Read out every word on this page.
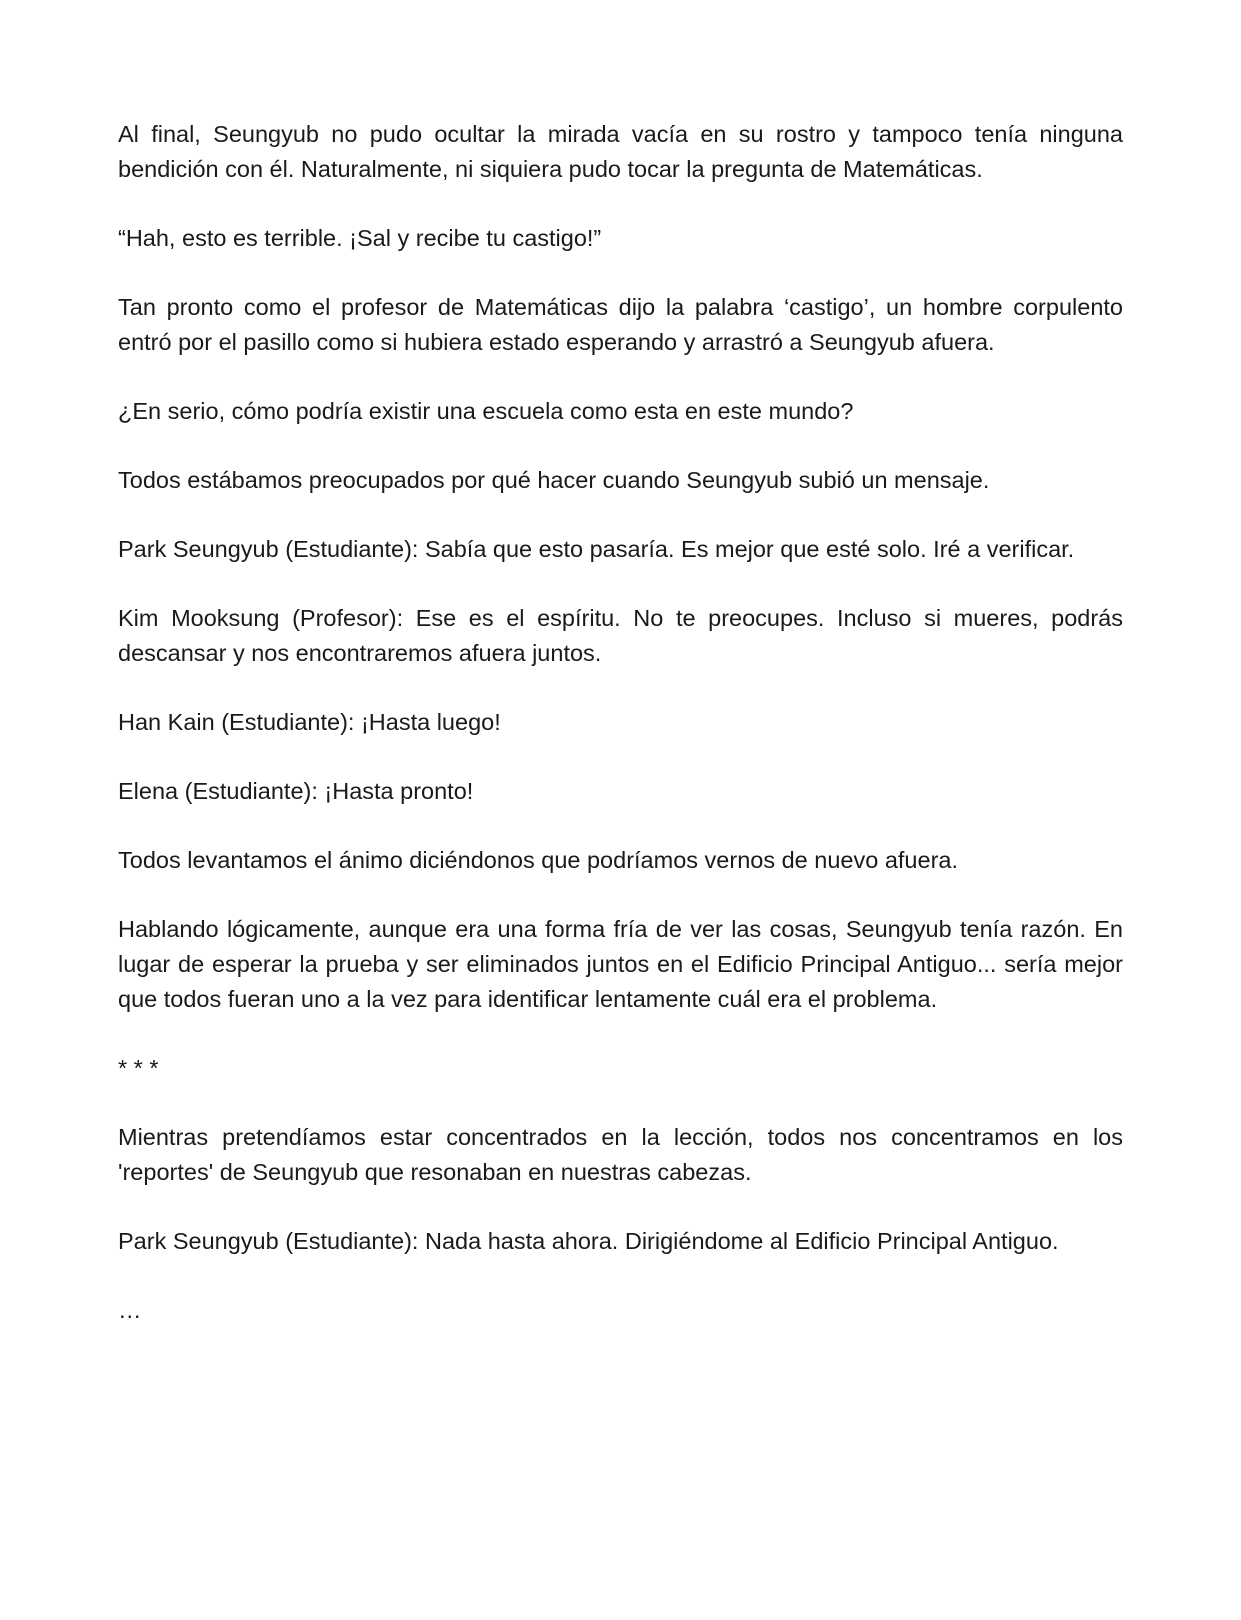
Al final, Seungyub no pudo ocultar la mirada vacía en su rostro y tampoco tenía ninguna bendición con él. Naturalmente, ni siquiera pudo tocar la pregunta de Matemáticas.

“Hah, esto es terrible. ¡Sal y recibe tu castigo!”

Tan pronto como el profesor de Matemáticas dijo la palabra ‘castigo’, un hombre corpulento entró por el pasillo como si hubiera estado esperando y arrastró a Seungyub afuera.

¿En serio, cómo podría existir una escuela como esta en este mundo?

Todos estábamos preocupados por qué hacer cuando Seungyub subió un mensaje.

Park Seungyub (Estudiante): Sabía que esto pasaría. Es mejor que esté solo. Iré a verificar.

Kim Mooksung (Profesor): Ese es el espíritu. No te preocupes. Incluso si mueres, podrás descansar y nos encontraremos afuera juntos.

Han Kain (Estudiante): ¡Hasta luego!

Elena (Estudiante): ¡Hasta pronto!

Todos levantamos el ánimo diciéndonos que podríamos vernos de nuevo afuera.

Hablando lógicamente, aunque era una forma fría de ver las cosas, Seungyub tenía razón. En lugar de esperar la prueba y ser eliminados juntos en el Edificio Principal Antiguo... sería mejor que todos fueran uno a la vez para identificar lentamente cuál era el problema.

* * *

Mientras pretendíamos estar concentrados en la lección, todos nos concentramos en los 'reportes' de Seungyub que resonaban en nuestras cabezas.

Park Seungyub (Estudiante): Nada hasta ahora. Dirigiéndome al Edificio Principal Antiguo.

…
